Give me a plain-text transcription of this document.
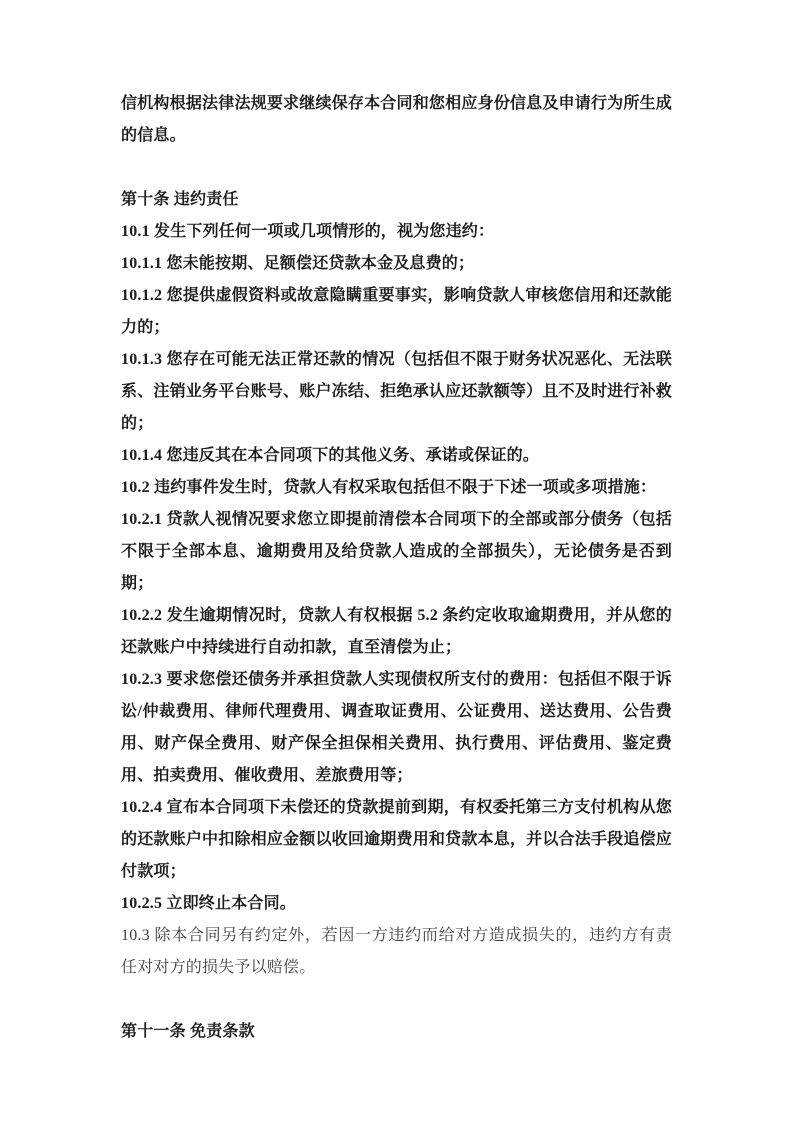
信机构根据法律法规要求继续保存本合同和您相应身份信息及申请行为所生成的信息。

第十条 违约责任

10.1 发生下列任何一项或几项情形的，视为您违约：

10.1.1 您未能按期、足额偿还贷款本金及息费的；

10.1.2 您提供虚假资料或故意隐瞒重要事实，影响贷款人审核您信用和还款能力的；

10.1.3 您存在可能无法正常还款的情况（包括但不限于财务状况恶化、无法联系、注销业务平台账号、账户冻结、拒绝承认应还款额等）且不及时进行补救的；

10.1.4 您违反其在本合同项下的其他义务、承诺或保证的。

10.2 违约事件发生时，贷款人有权采取包括但不限于下述一项或多项措施：

10.2.1 贷款人视情况要求您立即提前清偿本合同项下的全部或部分债务（包括不限于全部本息、逾期费用及给贷款人造成的全部损失），无论债务是否到期；

10.2.2 发生逾期情况时，贷款人有权根据 5.2 条约定收取逾期费用，并从您的还款账户中持续进行自动扣款，直至清偿为止；

10.2.3 要求您偿还债务并承担贷款人实现债权所支付的费用：包括但不限于诉讼/仲裁费用、律师代理费用、调查取证费用、公证费用、送达费用、公告费用、财产保全费用、财产保全担保相关费用、执行费用、评估费用、鉴定费用、拍卖费用、催收费用、差旅费用等；

10.2.4 宣布本合同项下未偿还的贷款提前到期，有权委托第三方支付机构从您的还款账户中扣除相应金额以收回逾期费用和贷款本息，并以合法手段追偿应付款项；

10.2.5 立即终止本合同。

10.3 除本合同另有约定外，若因一方违约而给对方造成损失的，违约方有责任对对方的损失予以赔偿。

第十一条 免责条款
